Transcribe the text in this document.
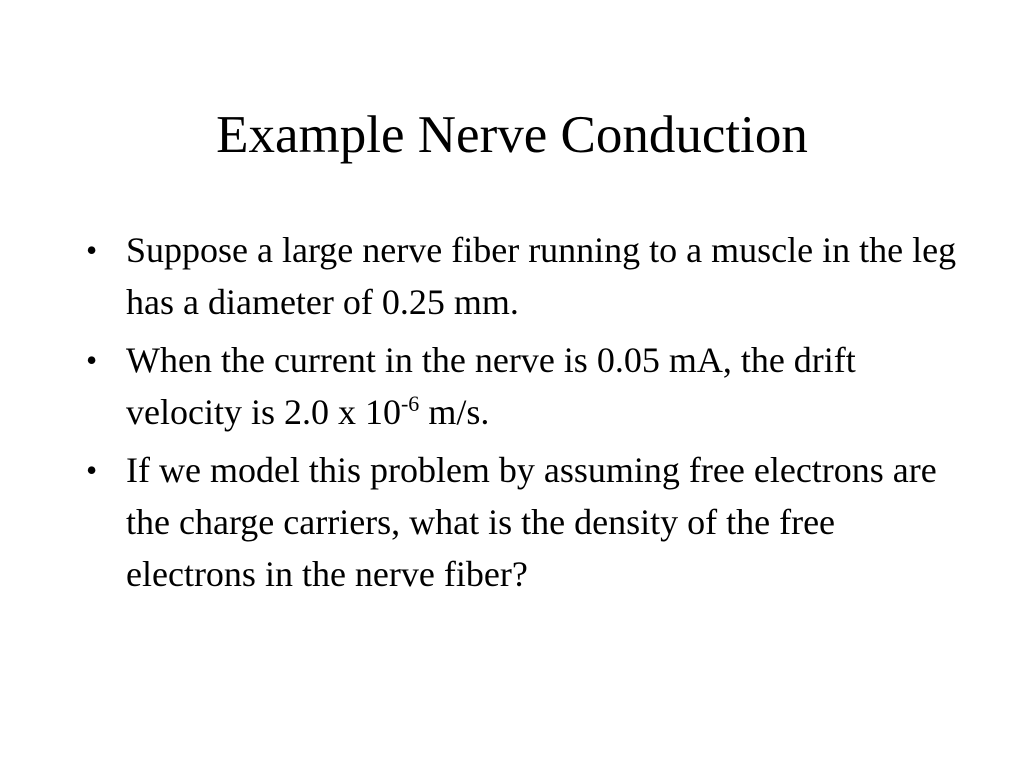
Example Nerve Conduction
• Suppose a large nerve fiber running to a muscle in the leg has a diameter of 0.25 mm.
• When the current in the nerve is 0.05 mA, the drift velocity is 2.0 x $10^{-6}$ m/s.
• If we model this problem by assuming free electrons are the charge carriers, what is the density of the free electrons in the nerve fiber?
